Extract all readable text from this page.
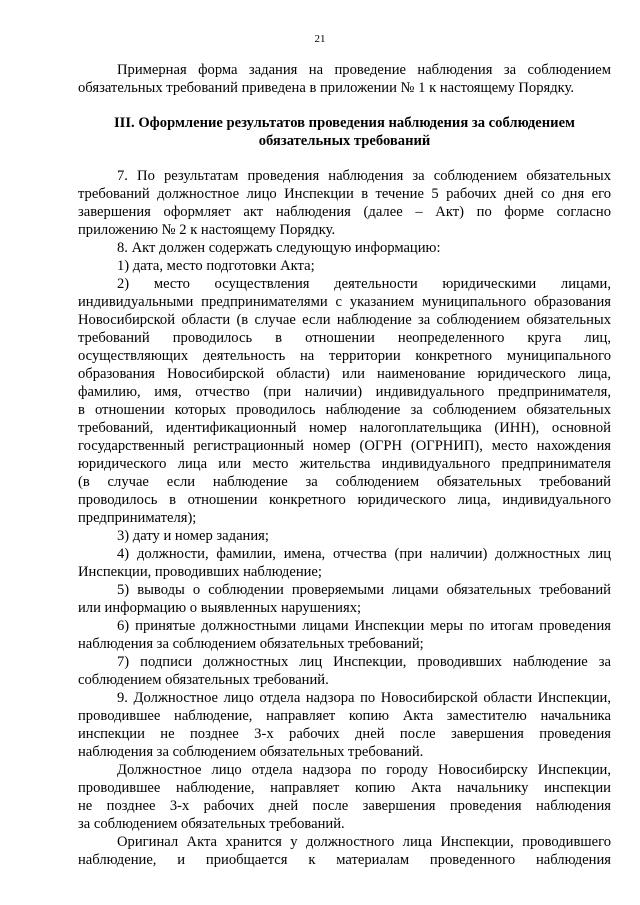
21
Примерная форма задания на проведение наблюдения за соблюдением
обязательных требований приведена в приложении № 1 к настоящему Порядку.
III. Оформление результатов проведения наблюдения за соблюдением
обязательных требований
7. По результатам проведения наблюдения за соблюдением обязательных
требований должностное лицо Инспекции в течение 5 рабочих дней со дня его
завершения оформляет акт наблюдения (далее – Акт) по форме согласно
приложению № 2 к настоящему Порядку.
8. Акт должен содержать следующую информацию:
1) дата, место подготовки Акта;
2) место осуществления деятельности юридическими лицами,
индивидуальными предпринимателями с указанием муниципального образования
Новосибирской области (в случае если наблюдение за соблюдением обязательных
требований проводилось в отношении неопределенного круга лиц,
осуществляющих деятельность на территории конкретного муниципального
образования Новосибирской области) или наименование юридического лица,
фамилию, имя, отчество (при наличии) индивидуального предпринимателя,
в отношении которых проводилось наблюдение за соблюдением обязательных
требований, идентификационный номер налогоплательщика (ИНН), основной
государственный регистрационный номер (ОГРН (ОГРНИП), место нахождения
юридического лица или место жительства индивидуального предпринимателя
(в случае если наблюдение за соблюдением обязательных требований
проводилось в отношении конкретного юридического лица, индивидуального
предпринимателя);
3) дату и номер задания;
4) должности, фамилии, имена, отчества (при наличии) должностных лиц
Инспекции, проводивших наблюдение;
5) выводы о соблюдении проверяемыми лицами обязательных требований
или информацию о выявленных нарушениях;
6) принятые должностными лицами Инспекции меры по итогам проведения
наблюдения за соблюдением обязательных требований;
7) подписи должностных лиц Инспекции, проводивших наблюдение за
соблюдением обязательных требований.
9. Должностное лицо отдела надзора по Новосибирской области Инспекции,
проводившее наблюдение, направляет копию Акта заместителю начальника
инспекции не позднее 3-х рабочих дней после завершения проведения
наблюдения за соблюдением обязательных требований.
Должностное лицо отдела надзора по городу Новосибирску Инспекции,
проводившее наблюдение, направляет копию Акта начальнику инспекции
не позднее 3-х рабочих дней после завершения проведения наблюдения
за соблюдением обязательных требований.
Оригинал Акта хранится у должностного лица Инспекции, проводившего
наблюдение, и приобщается к материалам проведенного наблюдения
